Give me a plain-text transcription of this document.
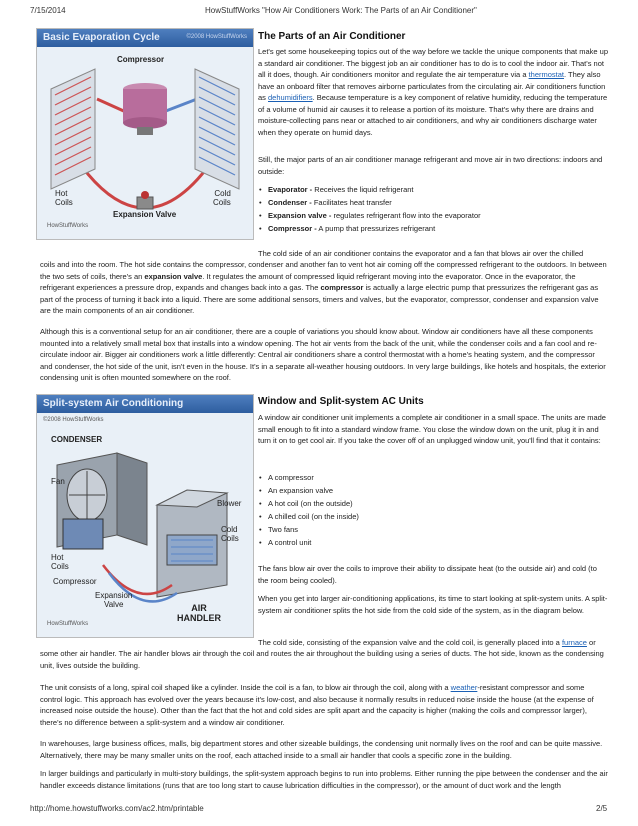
7/15/2014	HowStuffWorks "How Air Conditioners Work: The Parts of an Air Conditioner"
Basic Evaporation Cycle	©2008 HowStuffWorks
Compressor
Hot
Coils
Cold
Coils
Expansion Valve
HowStuffWorks
The Parts of an Air Conditioner

Let's get some housekeeping topics out of the way before we tackle the unique components that make up a standard air conditioner. The biggest job an air conditioner has to do is to cool the indoor air. That's not all it does, though. Air conditioners monitor and regulate the air temperature via a thermostat. They also have an onboard filter that removes airborne particulates from the circulating air. Air conditioners function as dehumidifiers. Because temperature is a key component of relative humidity, reducing the temperature of a volume of humid air causes it to release a portion of its moisture. That's why there are drains and moisture-collecting pans near or attached to air conditioners, and why air conditioners discharge water when they operate on humid days.

Still, the major parts of an air conditioner manage refrigerant and move air in two directions: indoors and outside:

• Evaporator - Receives the liquid refrigerant
• Condenser - Facilitates heat transfer
• Expansion valve - regulates refrigerant flow into the evaporator
• Compressor - A pump that pressurizes refrigerant

The cold side of an air conditioner contains the evaporator and a fan that blows air over the chilled

coils and into the room. The hot side contains the compressor, condenser and another fan to vent hot air coming off the compressed refrigerant to the outdoors. In between the two sets of coils, there's an expansion valve. It regulates the amount of compressed liquid refrigerant moving into the evaporator. Once in the evaporator, the refrigerant experiences a pressure drop, expands and changes back into a gas. The compressor is actually a large electric pump that pressurizes the refrigerant gas as part of the process of turning it back into a liquid. There are some additional sensors, timers and valves, but the evaporator, compressor, condenser and expansion valve are the main components of an air conditioner.

Although this is a conventional setup for an air conditioner, there are a couple of variations you should know about. Window air conditioners have all these components mounted into a relatively small metal box that installs into a window opening. The hot air vents from the back of the unit, while the condenser coils and a fan cool and re-circulate indoor air. Bigger air conditioners work a little differently: Central air conditioners share a control thermostat with a home's heating system, and the compressor and condenser, the hot side of the unit, isn't even in the house. It's in a separate all-weather housing outdoors. In very large buildings, like hotels and hospitals, the exterior condensing unit is often mounted somewhere on the roof.

Split-system Air Conditioning
©2008 HowStuffWorks
CONDENSER
Fan
Blower
Cold
Coils
Hot
Coils
Compressor
Expansion
Valve	AIR
HANDLER
HowStuffWorks
Window and Split-system AC Units

A window air conditioner unit implements a complete air conditioner in a small space. The units are made small enough to fit into a standard window frame. You close the window down on the unit, plug it in and turn it on to get cool air. If you take the cover off of an unplugged window unit, you'll find that it contains:

• A compressor
• An expansion valve
• A hot coil (on the outside)
• A chilled coil (on the inside)
• Two fans
• A control unit

The fans blow air over the coils to improve their ability to dissipate heat (to the outside air) and cold (to the room being cooled).

When you get into larger air-conditioning applications, its time to start looking at split-system units. A split-system air conditioner splits the hot side from the cold side of the system, as in the diagram below.

The cold side, consisting of the expansion valve and the cold coil, is generally placed into a furnace or

some other air handler. The air handler blows air through the coil and routes the air throughout the building using a series of ducts. The hot side, known as the condensing unit, lives outside the building.

The unit consists of a long, spiral coil shaped like a cylinder. Inside the coil is a fan, to blow air through the coil, along with a weather-resistant compressor and some control logic. This approach has evolved over the years because it's low-cost, and also because it normally results in reduced noise inside the house (at the expense of increased noise outside the house). Other than the fact that the hot and cold sides are split apart and the capacity is higher (making the coils and compressor larger), there's no difference between a split-system and a window air conditioner.

In warehouses, large business offices, malls, big department stores and other sizeable buildings, the condensing unit normally lives on the roof and can be quite massive. Alternatively, there may be many smaller units on the roof, each attached inside to a small air handler that cools a specific zone in the building.

In larger buildings and particularly in multi-story buildings, the split-system approach begins to run into problems. Either running the pipe between the condenser and the air handler exceeds distance limitations (runs that are too long start to cause lubrication difficulties in the compressor), or the amount of duct work and the length

http://home.howstuffworks.com/ac2.htm/printable	2/5
